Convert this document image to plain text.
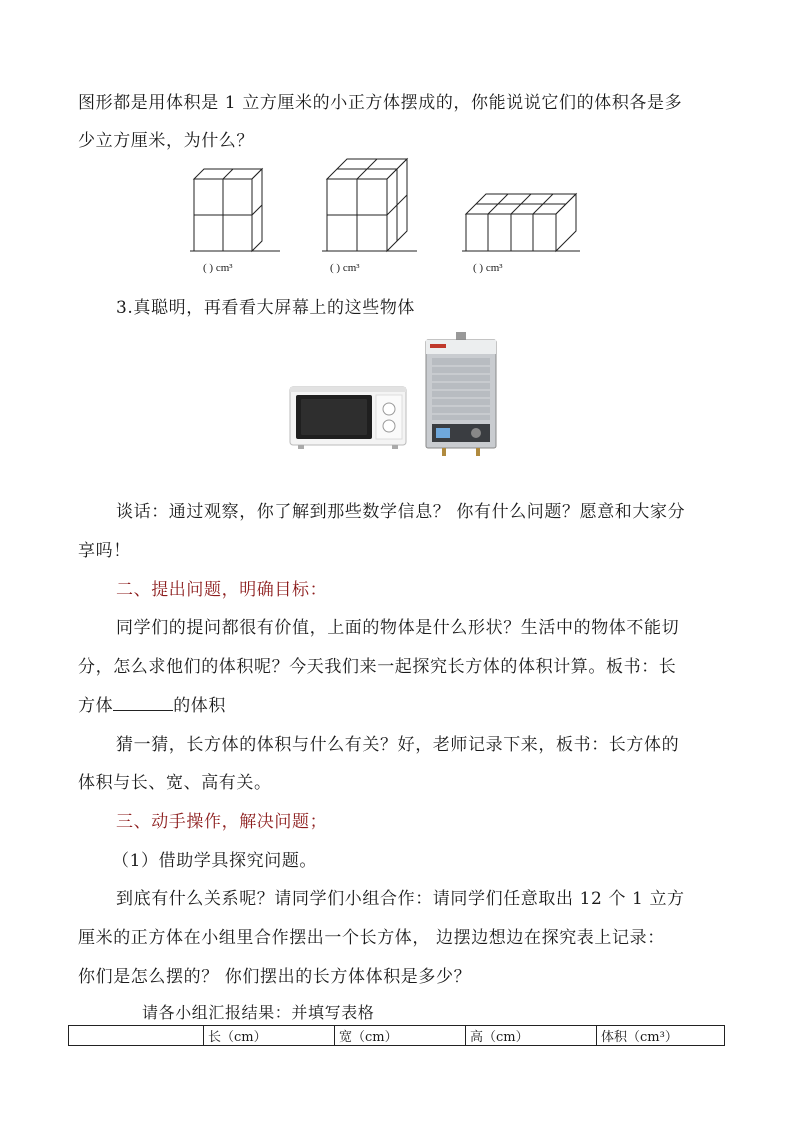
图形都是用体积是 1 立方厘米的小正方体摆成的，你能说说它们的体积各是多
少立方厘米，为什么？
( ) cm³	( ) cm³	( ) cm³
3.真聪明，再看看大屏幕上的这些物体
谈话：通过观察，你了解到那些数学信息？ 你有什么问题？愿意和大家分
享吗！
二、提出问题，明确目标：
同学们的提问都很有价值，上面的物体是什么形状？生活中的物体不能切
分，怎么求他们的体积呢？今天我们来一起探究长方体的体积计算。板书：长
方体	的体积
猜一猜，长方体的体积与什么有关？好，老师记录下来，板书：长方体的
体积与长、宽、高有关。
三、动手操作，解决问题；
（1）借助学具探究问题。
到底有什么关系呢？请同学们小组合作：请同学们任意取出 12 个 1 立方
厘米的正方体在小组里合作摆出一个长方体， 边摆边想边在探究表上记录：
你们是怎么摆的？ 你们摆出的长方体体积是多少？
请各小组汇报结果：并填写表格
	长（cm）	宽（cm）	高（cm）	体积（cm³）
